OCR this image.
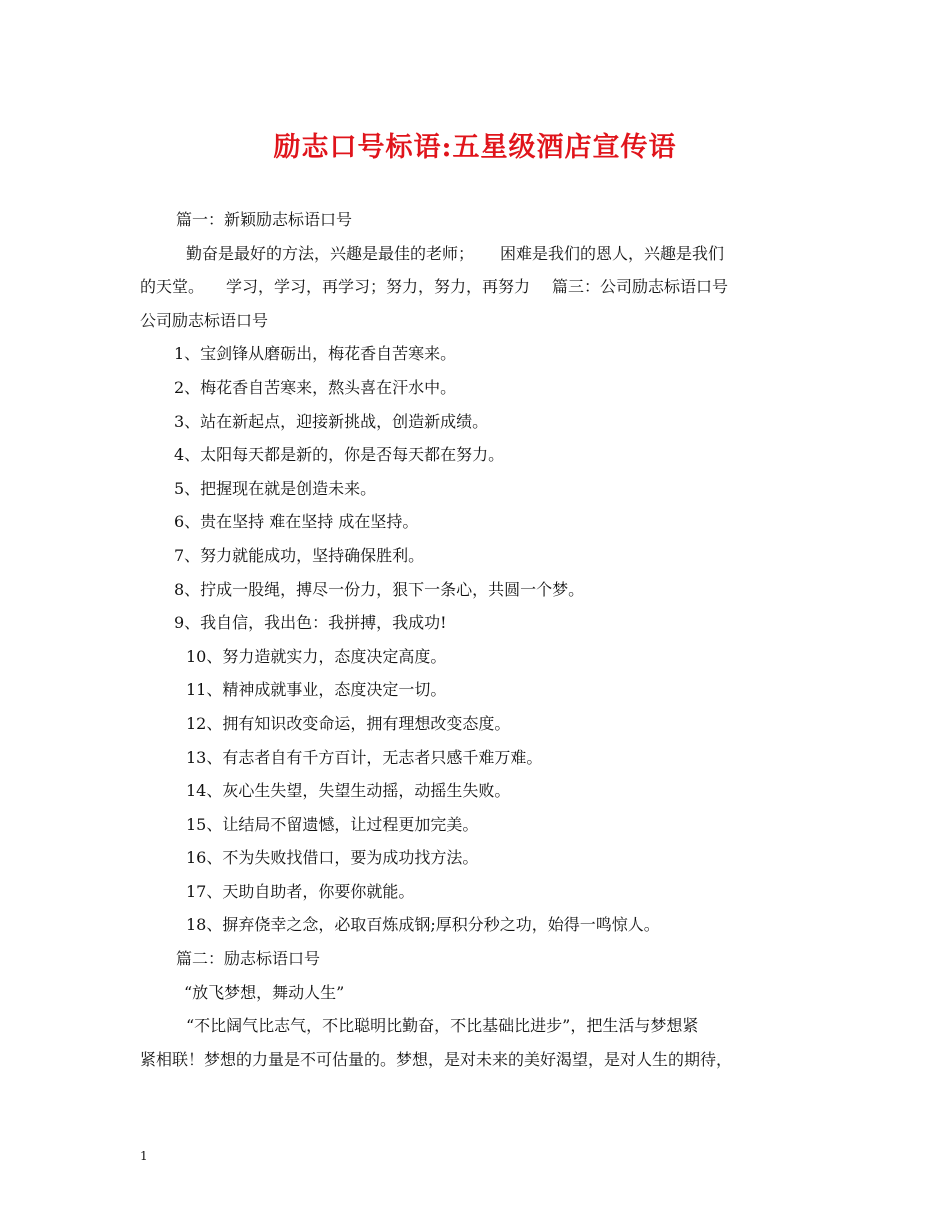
励志口号标语:五星级酒店宣传语
篇一：新颖励志标语口号
勤奋是最好的方法，兴趣是最佳的老师； 困难是我们的恩人，兴趣是我们
的天堂。 学习，学习，再学习；努力，努力，再努力 篇三：公司励志标语口号
公司励志标语口号
1、宝剑锋从磨砺出，梅花香自苦寒来。
2、梅花香自苦寒来，熬头喜在汗水中。
3、站在新起点，迎接新挑战，创造新成绩。
4、太阳每天都是新的，你是否每天都在努力。
5、把握现在就是创造未来。
6、贵在坚持 难在坚持 成在坚持。
7、努力就能成功，坚持确保胜利。
8、拧成一股绳，搏尽一份力，狠下一条心，共圆一个梦。
9、我自信，我出色：我拼搏，我成功!
10、努力造就实力，态度决定高度。
11、精神成就事业，态度决定一切。
12、拥有知识改变命运，拥有理想改变态度。
13、有志者自有千方百计，无志者只感千难万难。
14、灰心生失望，失望生动摇，动摇生失败。
15、让结局不留遗憾，让过程更加完美。
16、不为失败找借口，要为成功找方法。
17、天助自助者，你要你就能。
18、摒弃侥幸之念，必取百炼成钢;厚积分秒之功，始得一鸣惊人。
篇二：励志标语口号
“放飞梦想，舞动人生”
“不比阔气比志气，不比聪明比勤奋，不比基础比进步”，把生活与梦想紧
紧相联！梦想的力量是不可估量的。梦想，是对未来的美好渴望，是对人生的期待，
1
